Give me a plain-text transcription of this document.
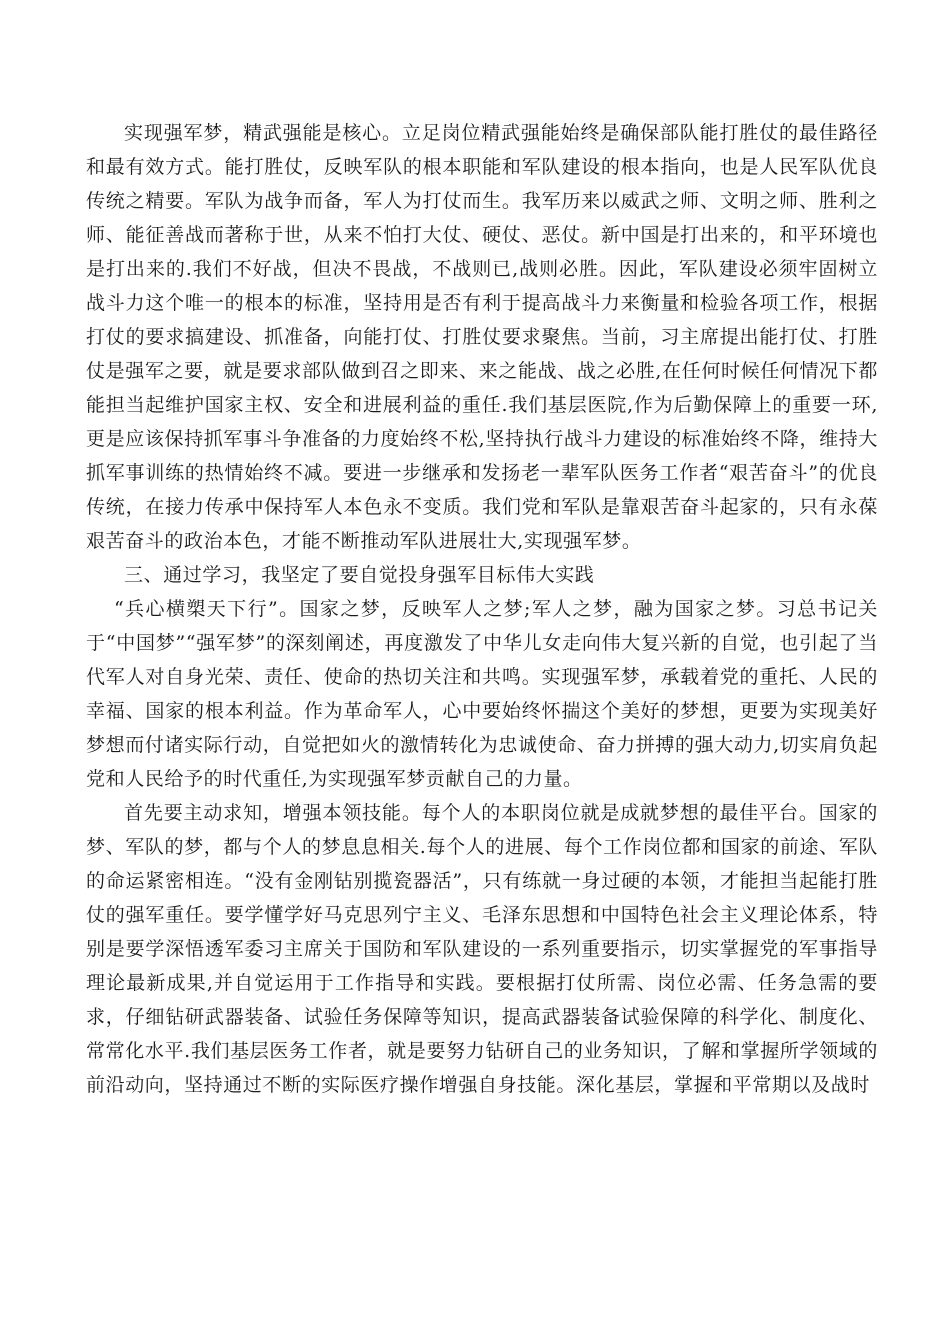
实现强军梦，精武强能是核心。立足岗位精武强能始终是确保部队能打胜仗的最佳路径和最有效方式。能打胜仗，反映军队的根本职能和军队建设的根本指向，也是人民军队优良传统之精要。军队为战争而备，军人为打仗而生。我军历来以威武之师、文明之师、胜利之师、能征善战而著称于世，从来不怕打大仗、硬仗、恶仗。新中国是打出来的，和平环境也是打出来的.我们不好战，但决不畏战，不战则已,战则必胜。因此，军队建设必须牢固树立战斗力这个唯一的根本的标准，坚持用是否有利于提高战斗力来衡量和检验各项工作，根据打仗的要求搞建设、抓准备，向能打仗、打胜仗要求聚焦。当前，习主席提出能打仗、打胜仗是强军之要，就是要求部队做到召之即来、来之能战、战之必胜,在任何时候任何情况下都能担当起维护国家主权、安全和进展利益的重任.我们基层医院,作为后勤保障上的重要一环,更是应该保持抓军事斗争准备的力度始终不松,坚持执行战斗力建设的标准始终不降，维持大抓军事训练的热情始终不减。要进一步继承和发扬老一辈军队医务工作者“艰苦奋斗”的优良传统，在接力传承中保持军人本色永不变质。我们党和军队是靠艰苦奋斗起家的，只有永葆艰苦奋斗的政治本色，才能不断推动军队进展壮大,实现强军梦。

三、通过学习，我坚定了要自觉投身强军目标伟大实践

“兵心横槊天下行”。国家之梦，反映军人之梦;军人之梦，融为国家之梦。习总书记关于“中国梦”“强军梦”的深刻阐述，再度激发了中华儿女走向伟大复兴新的自觉，也引起了当代军人对自身光荣、责任、使命的热切关注和共鸣。实现强军梦，承载着党的重托、人民的幸福、国家的根本利益。作为革命军人，心中要始终怀揣这个美好的梦想，更要为实现美好梦想而付诸实际行动，自觉把如火的激情转化为忠诚使命、奋力拼搏的强大动力,切实肩负起党和人民给予的时代重任,为实现强军梦贡献自己的力量。

首先要主动求知，增强本领技能。每个人的本职岗位就是成就梦想的最佳平台。国家的梦、军队的梦，都与个人的梦息息相关.每个人的进展、每个工作岗位都和国家的前途、军队的命运紧密相连。“没有金刚钻别揽瓷器活”，只有练就一身过硬的本领，才能担当起能打胜仗的强军重任。要学懂学好马克思列宁主义、毛泽东思想和中国特色社会主义理论体系，特别是要学深悟透军委习主席关于国防和军队建设的一系列重要指示，切实掌握党的军事指导理论最新成果,并自觉运用于工作指导和实践。要根据打仗所需、岗位必需、任务急需的要求，仔细钻研武器装备、试验任务保障等知识，提高武器装备试验保障的科学化、制度化、常常化水平.我们基层医务工作者，就是要努力钻研自己的业务知识，了解和掌握所学领域的前沿动向，坚持通过不断的实际医疗操作增强自身技能。深化基层，掌握和平常期以及战时
